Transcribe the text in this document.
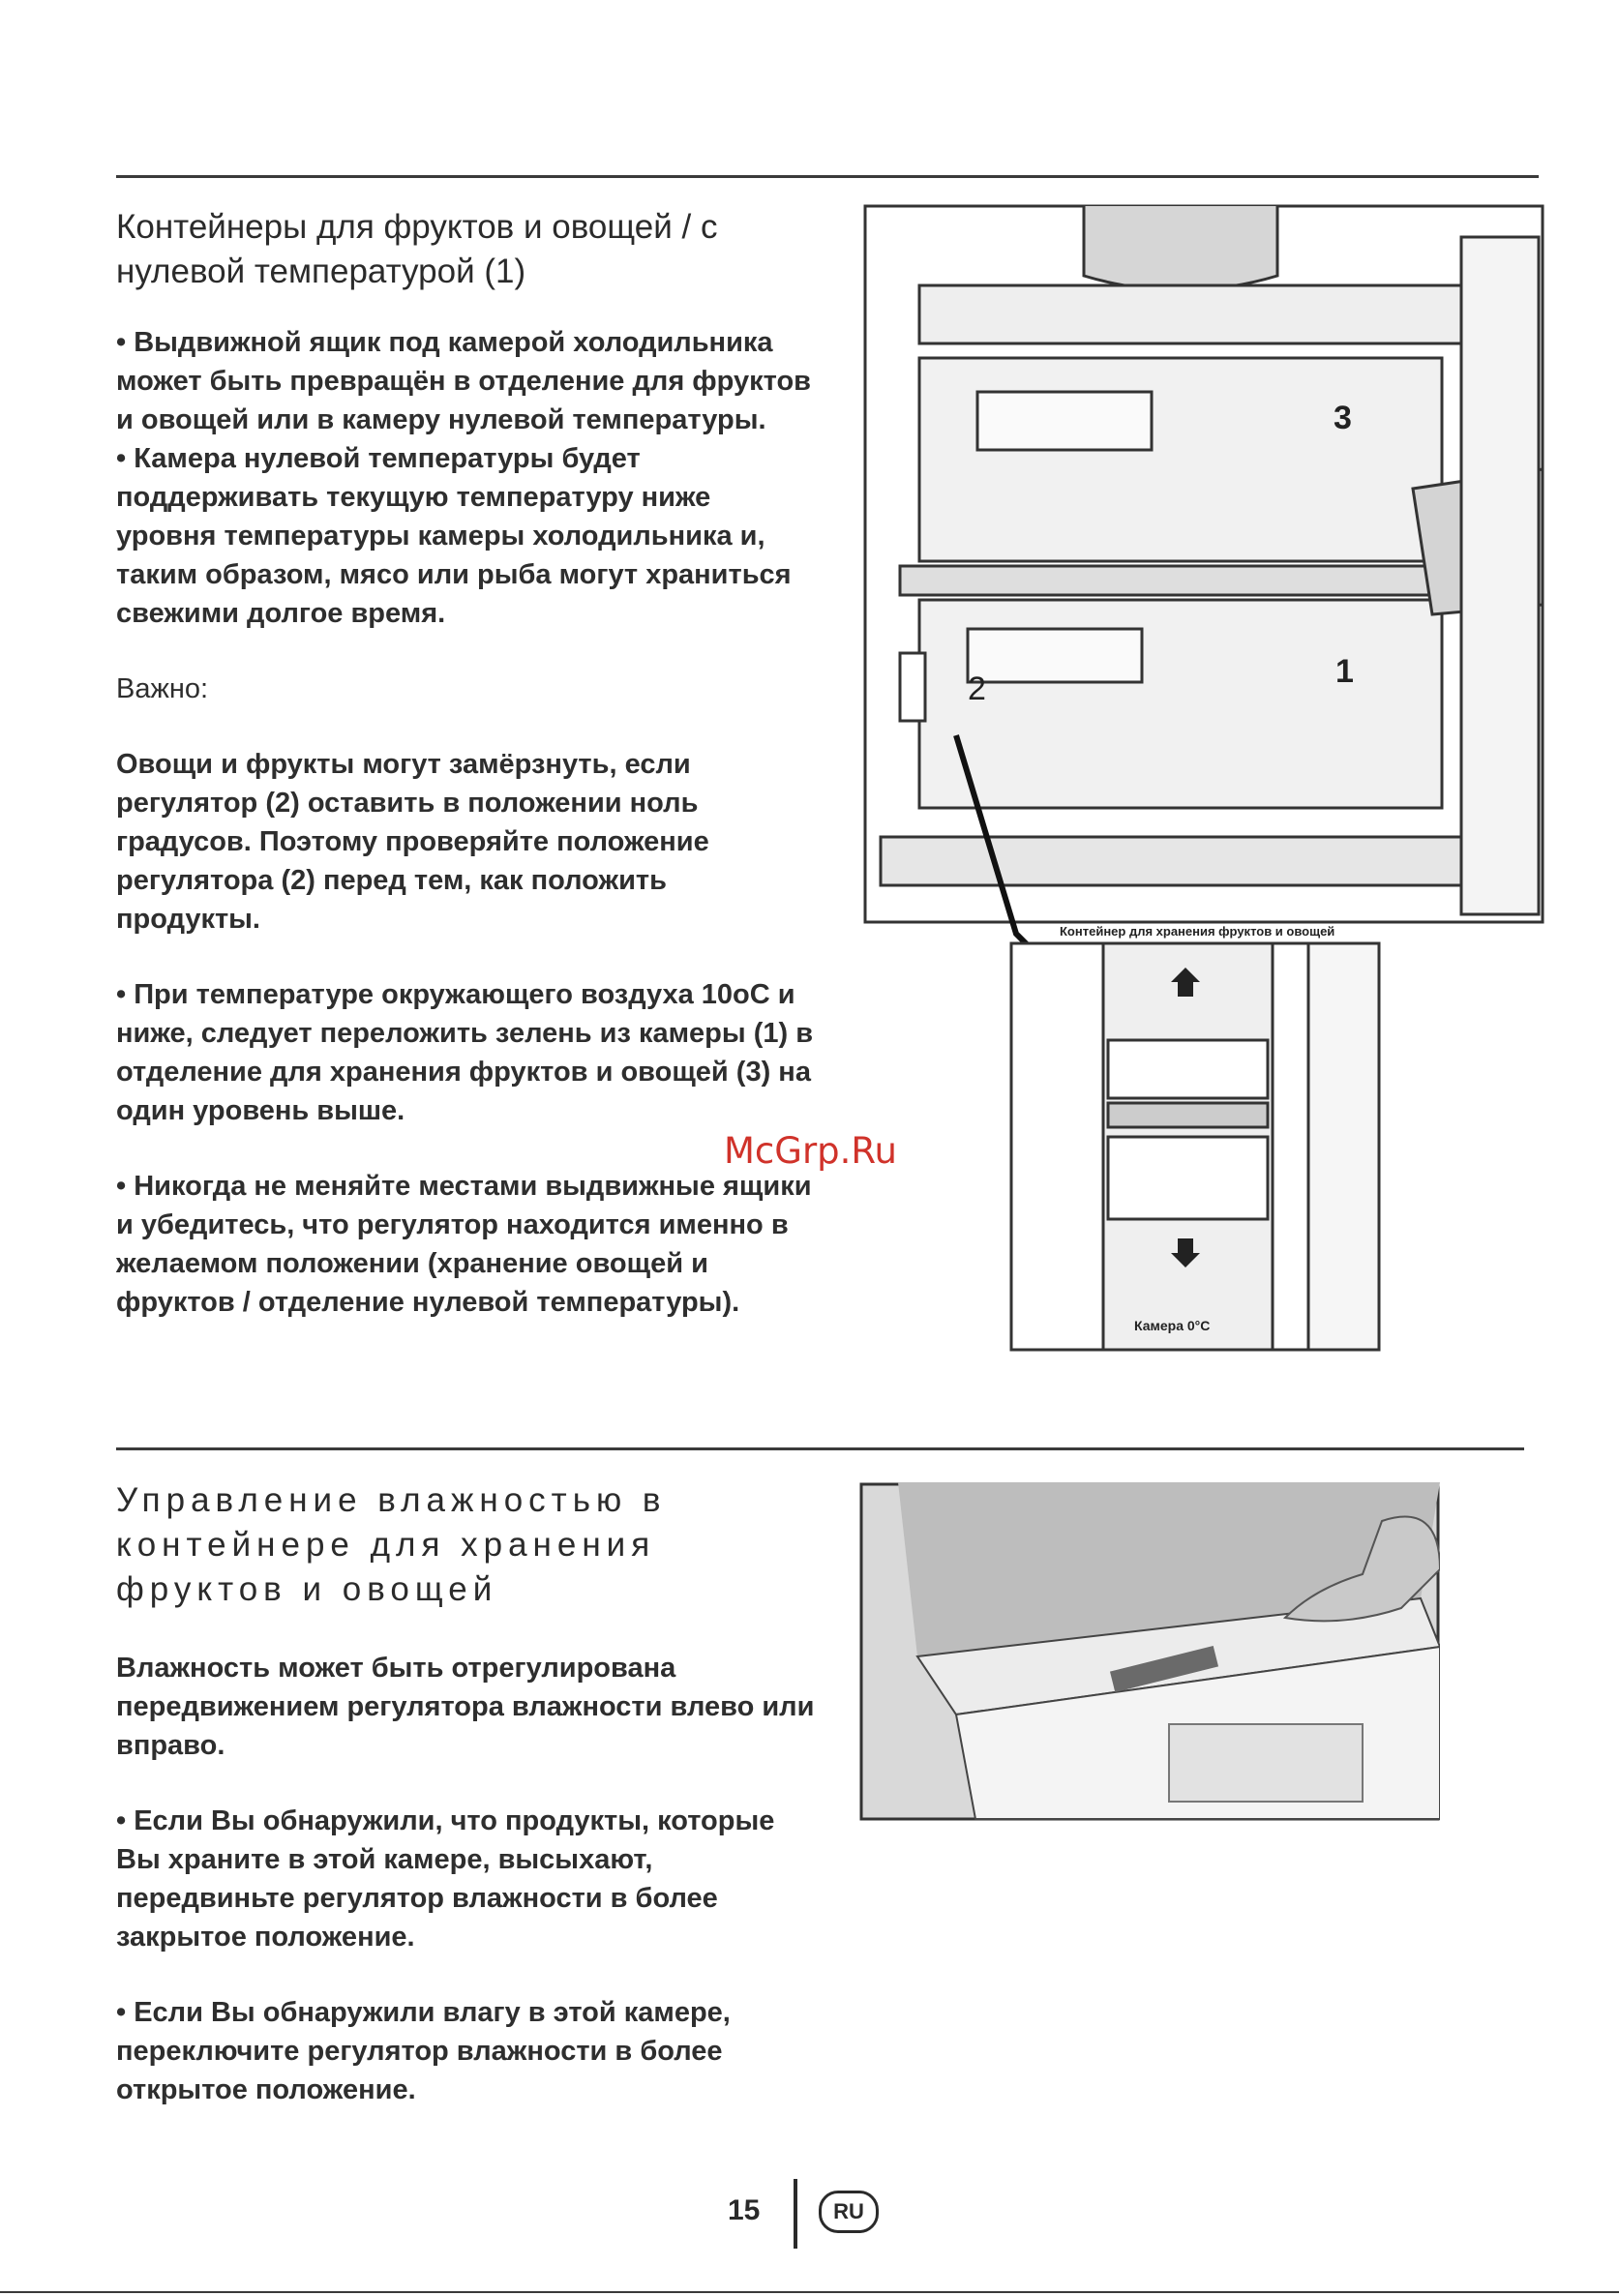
Контейнеры для фруктов и овощей / с нулевой температурой (1)

• Выдвижной ящик под камерой холодильника может быть превращён в отделение для фруктов и овощей или в камеру нулевой температуры.

• Камера нулевой температуры будет поддерживать текущую температуру ниже уровня температуры камеры холодильника и, таким образом, мясо или рыба могут храниться свежими долгое время.

Важно:

Овощи и фрукты могут замёрзнуть, если регулятор (2) оставить в положении ноль градусов. Поэтому проверяйте положение регулятора (2) перед тем, как положить продукты.

• При температуре окружающего воздуха 10оС и ниже, следует переложить зелень из камеры (1) в отделение для хранения фруктов и овощей (3) на один уровень выше.

• Никогда не меняйте местами выдвижные ящики и убедитесь, что регулятор находится именно в желаемом положении (хранение овощей и фруктов / отделение нулевой температуры).

3
1
2
Контейнер для хранения фруктов и овощей
Камера 0°C
McGrp.Ru
Управление влажностью в контейнере для хранения фруктов и овощей

Влажность может быть отрегулирована передвижением регулятора влажности влево или вправо.

• Если Вы обнаружили, что продукты, которые Вы храните в этой камере, высыхают, передвиньте регулятор влажности в более закрытое положение.

• Если Вы обнаружили влагу в этой камере, переключите регулятор влажности в более открытое положение.

15	RU
